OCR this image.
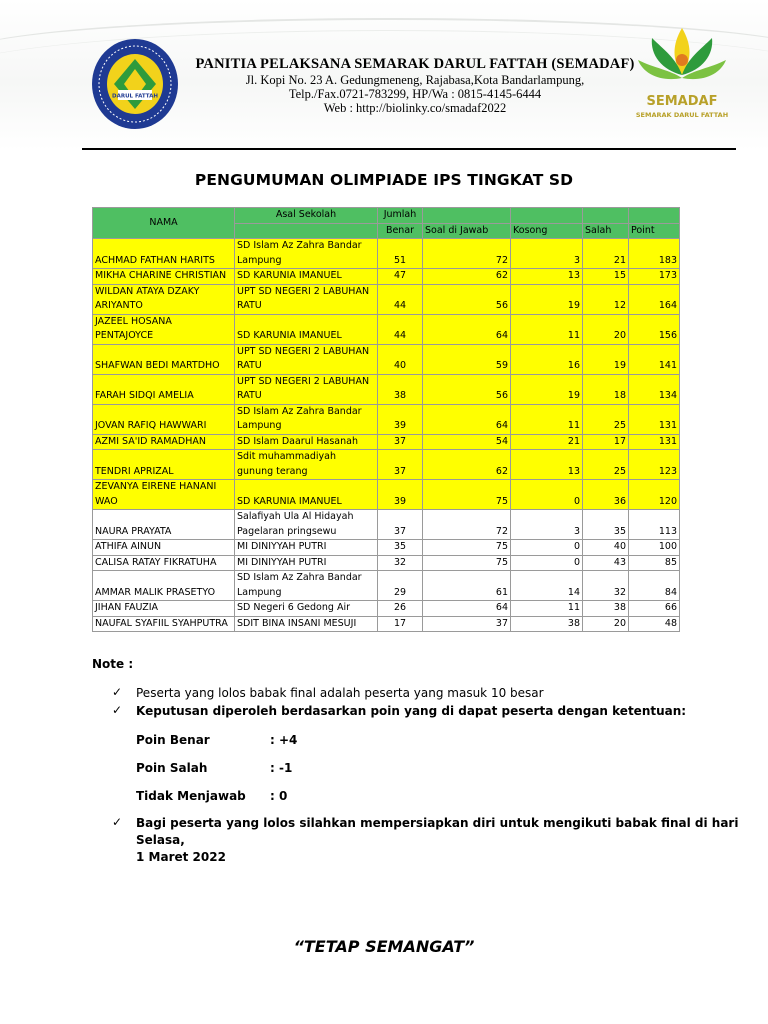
DARUL FATTAH
PANITIA PELAKSANA SEMARAK DARUL FATTAH (SEMADAF)
Jl. Kopi No. 23 A. Gedungmeneng, Rajabasa,Kota Bandarlampung,
Telp./Fax.0721-783299, HP/Wa : 0815-4145-6444
Web : http://biolinky.co/smadaf2022	SEMADAF
SEMARAK DARUL FATTAH
PENGUMUMAN OLIMPIADE IPS TINGKAT SD
NAMA	Asal Sekolah	Jumlah				
		Benar	Soal di Jawab	Kosong	Salah	Point
ACHMAD FATHAN HARITS	SD Islam Az Zahra Bandar Lampung	51	72	3	21	183
MIKHA CHARINE CHRISTIAN	SD KARUNIA IMANUEL	47	62	13	15	173
WILDAN ATAYA DZAKY ARIYANTO	UPT SD NEGERI 2 LABUHAN RATU	44	56	19	12	164
JAZEEL HOSANA PENTAJOYCE	SD KARUNIA IMANUEL	44	64	11	20	156
SHAFWAN BEDI MARTDHO	UPT SD NEGERI 2 LABUHAN RATU	40	59	16	19	141
FARAH SIDQI AMELIA	UPT SD NEGERI 2 LABUHAN RATU	38	56	19	18	134
JOVAN RAFIQ HAWWARI	SD Islam Az Zahra Bandar Lampung	39	64	11	25	131
AZMI SA'ID RAMADHAN	SD Islam Daarul Hasanah	37	54	21	17	131
TENDRI APRIZAL	Sdit muhammadiyah gunung terang	37	62	13	25	123
ZEVANYA EIRENE HANANI WAO	SD KARUNIA IMANUEL	39	75	0	36	120
NAURA PRAYATA	Salafiyah Ula Al Hidayah Pagelaran pringsewu	37	72	3	35	113
ATHIFA AINUN	MI DINIYYAH PUTRI	35	75	0	40	100
CALISA RATAY FIKRATUHA	MI DINIYYAH PUTRI	32	75	0	43	85
AMMAR MALIK PRASETYO	SD Islam Az Zahra Bandar Lampung	29	61	14	32	84
JIHAN FAUZIA	SD Negeri 6 Gedong Air	26	64	11	38	66
NAUFAL SYAFIIL SYAHPUTRA	SDIT BINA INSANI MESUJI	17	37	38	20	48
Note :
✓ Peserta yang lolos babak final adalah peserta yang masuk 10 besar
✓ Keputusan diperoleh berdasarkan poin yang di dapat peserta dengan ketentuan:
Poin Benar	: +4
Poin Salah	: -1
Tidak Menjawab : 0
✓ Bagi peserta yang lolos silahkan mempersiapkan diri untuk mengikuti babak final di hari Selasa,
1 Maret 2022
“TETAP SEMANGAT”
